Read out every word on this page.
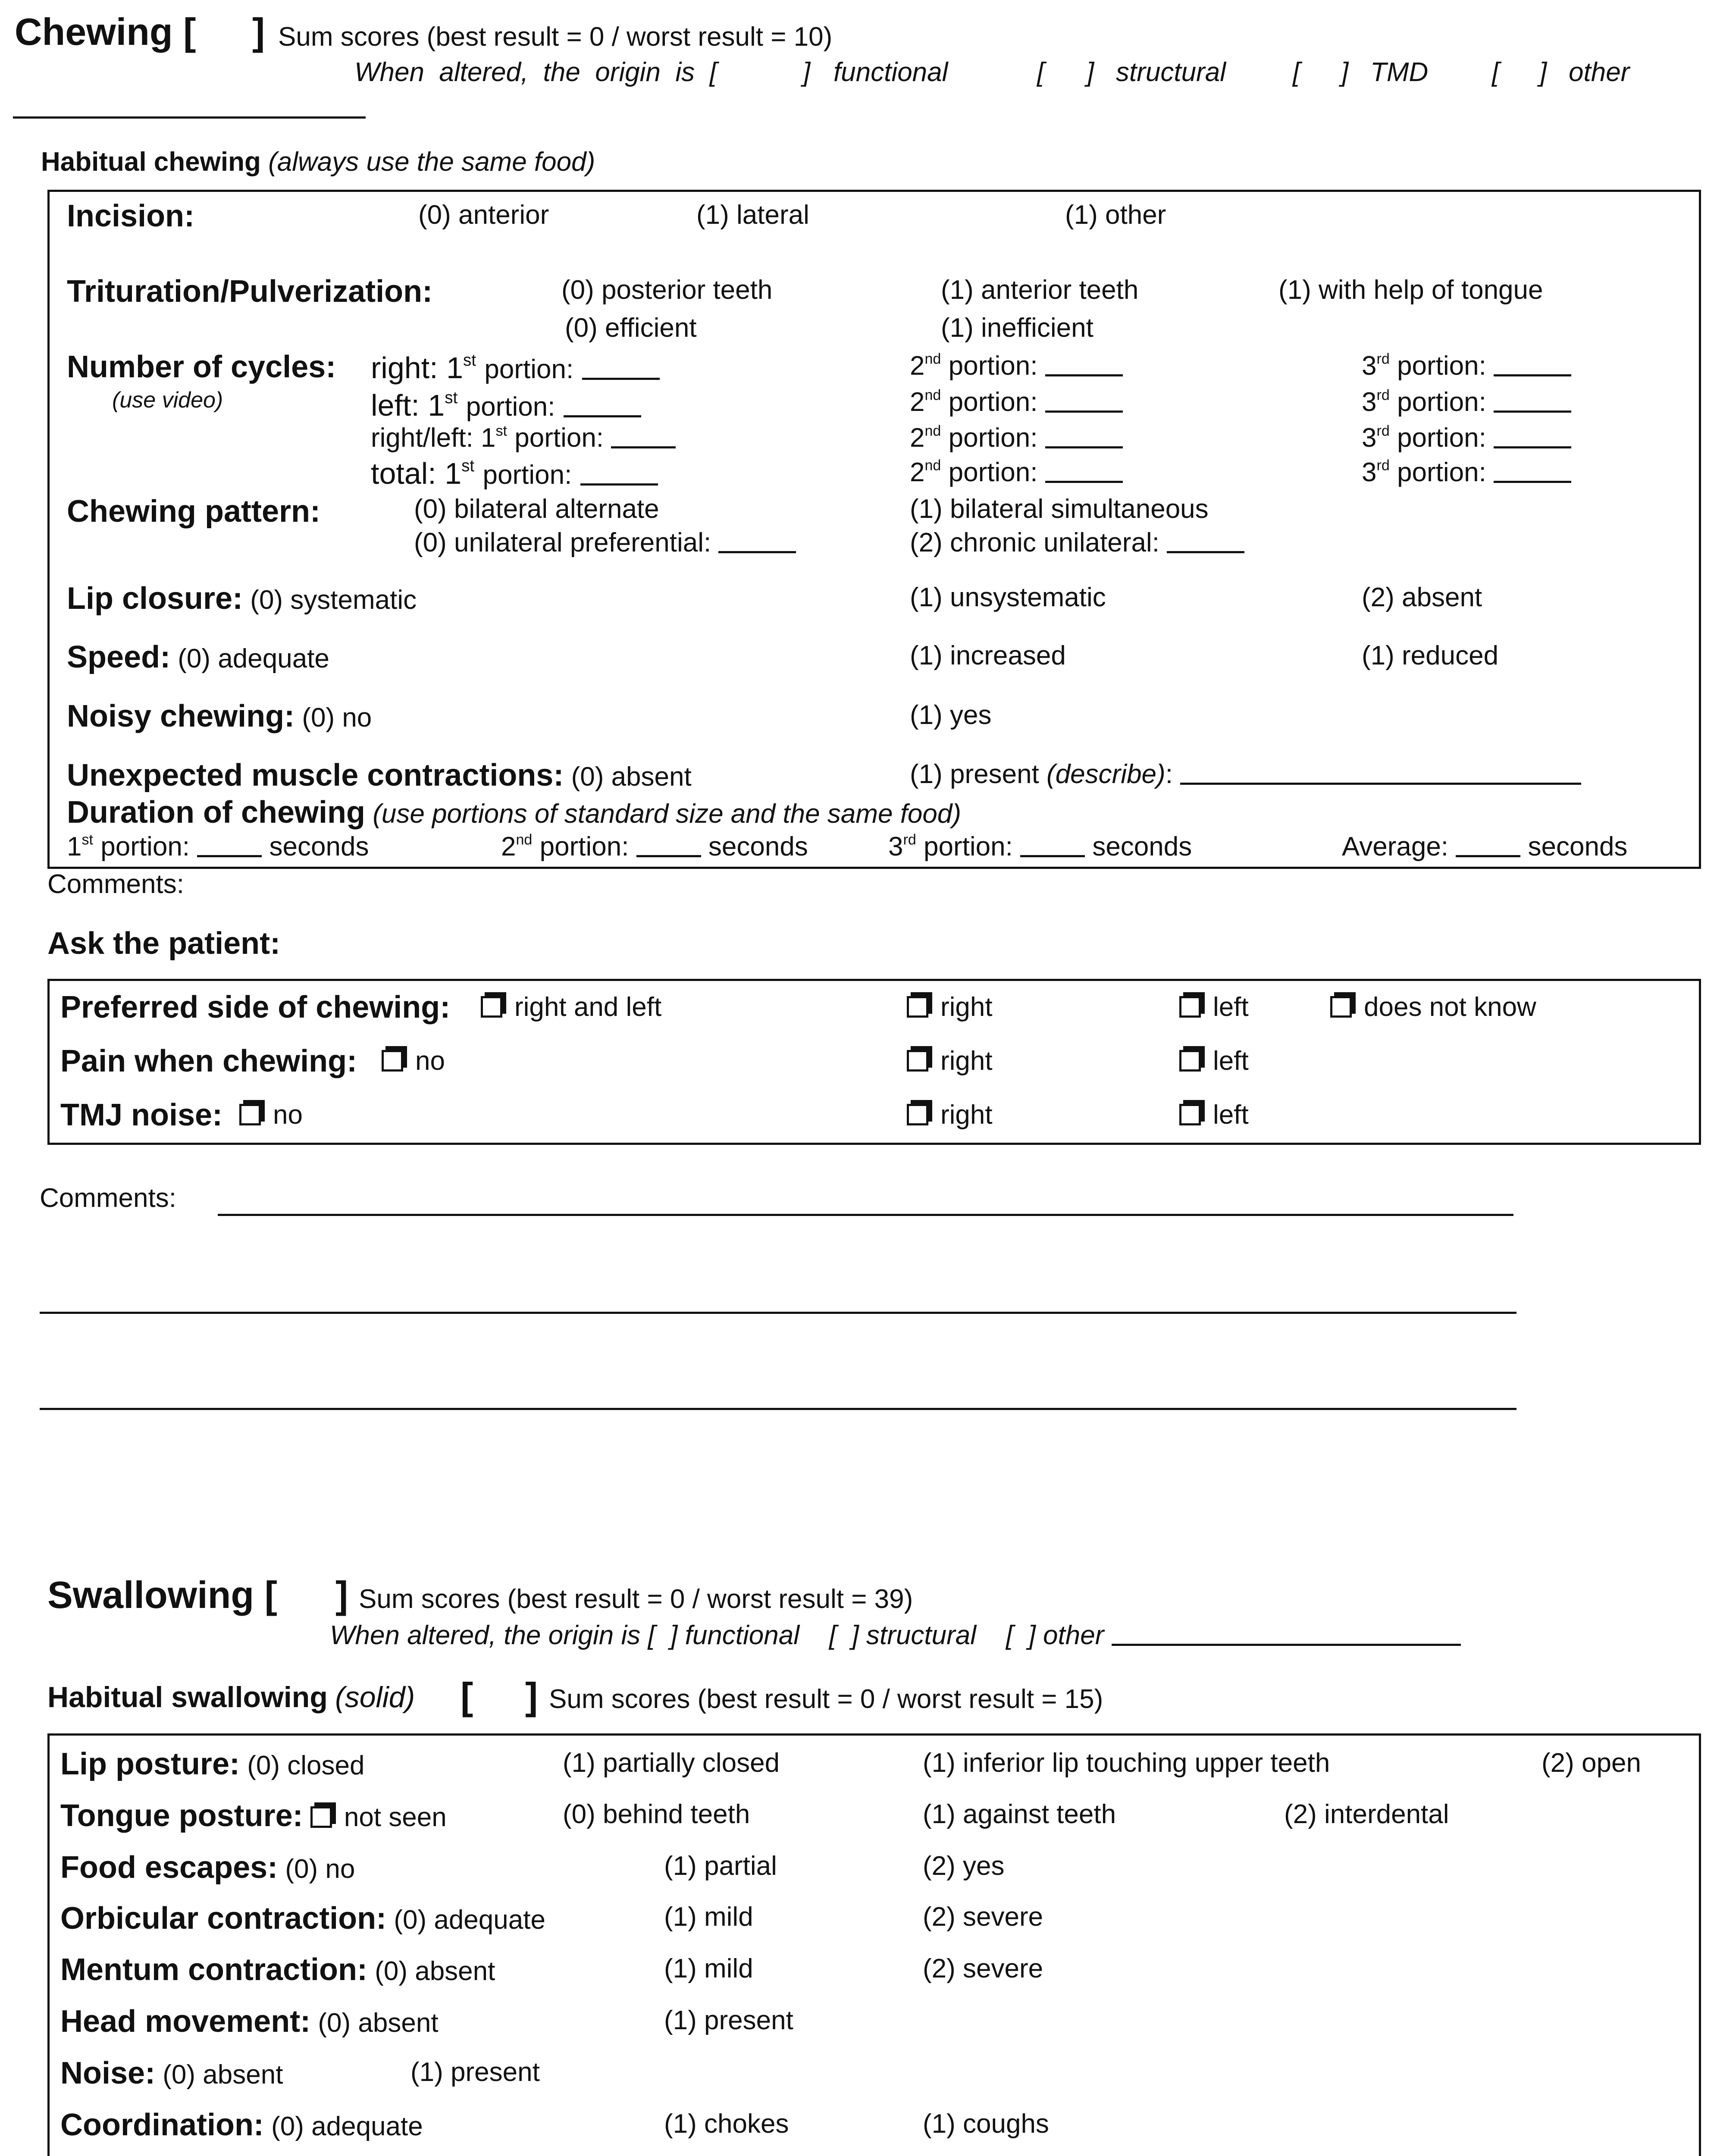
Chewing [ ] Sum scores (best result = 0 / worst result = 10)
When  altered,  the  origin  is  [	] functional	[ ] structural	[ ] TMD [ ] other
Habitual chewing (always use the same food)
Incision:	(0) anterior	(1) lateral	(1) other
Trituration/Pulverization:	(0) posterior teeth	(1) anterior teeth	(1) with help of tongue
(0) efficient	(1) inefficient
Number of cycles:
(use video)
right: 1st portion:	2nd portion:	3rd portion:
left: 1st portion:	2nd portion:	3rd portion:
right/left: 1st portion:	2nd portion:	3rd portion:
total: 1st portion:	2nd portion:	3rd portion:
Chewing pattern:	(0) bilateral alternate	(1) bilateral simultaneous
(0) unilateral preferential:	(2) chronic unilateral:
Lip closure: (0) systematic	(1) unsystematic	(2) absent
Speed: (0) adequate	(1) increased	(1) reduced
Noisy chewing: (0) no	(1) yes
Unexpected muscle contractions: (0) absent	(1) present (describe):
Duration of chewing (use portions of standard size and the same food)
1st portion:	seconds	2nd portion:	seconds	3rd portion:	seconds	Average:	seconds
Comments:
Ask the patient:
Preferred side of chewing:	right and left	right	left	does not know
Pain when chewing:	no	right	left
TMJ noise:	no	right	left
Comments:
Swallowing [ ] Sum scores (best result = 0 / worst result = 39)
When altered, the origin is [  ] functional    [  ] structural    [  ] other
Habitual swallowing (solid) [ ] Sum scores (best result = 0 / worst result = 15)
Lip posture: (0) closed	(1) partially closed	(1) inferior lip touching upper teeth	(2) open
Tongue posture: not seen	(0) behind teeth	(1) against teeth	(2) interdental
Food escapes: (0) no	(1) partial	(2) yes
Orbicular contraction: (0) adequate	(1) mild	(2) severe
Mentum contraction: (0) absent	(1) mild	(2) severe
Head movement: (0) absent	(1) present
Noise: (0) absent	(1) present
Coordination: (0) adequate	(1) chokes	(1) coughs
